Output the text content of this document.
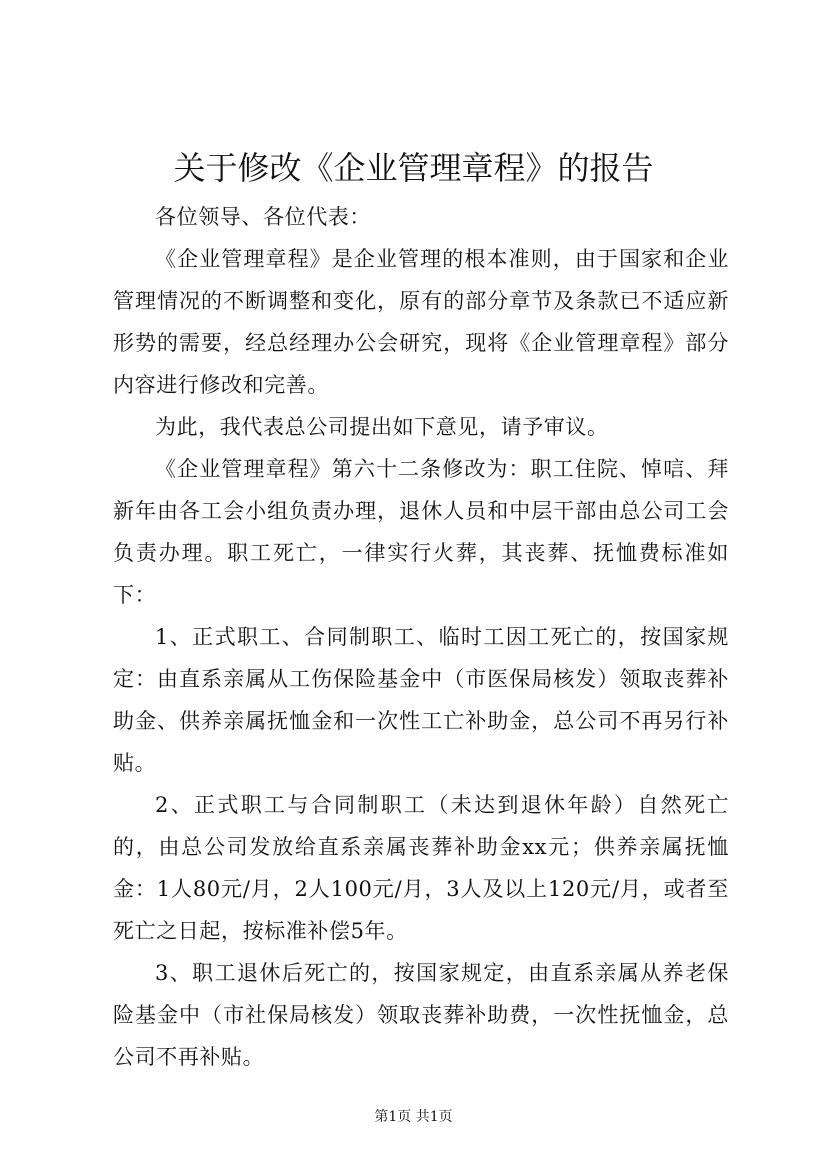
关于修改《企业管理章程》的报告

各位领导、各位代表：

《企业管理章程》是企业管理的根本准则，由于国家和企业管理情况的不断调整和变化，原有的部分章节及条款已不适应新形势的需要，经总经理办公会研究，现将《企业管理章程》部分内容进行修改和完善。

为此，我代表总公司提出如下意见，请予审议。

《企业管理章程》第六十二条修改为：职工住院、悼唁、拜新年由各工会小组负责办理，退休人员和中层干部由总公司工会负责办理。职工死亡，一律实行火葬，其丧葬、抚恤费标准如下：

1、正式职工、合同制职工、临时工因工死亡的，按国家规定：由直系亲属从工伤保险基金中（市医保局核发）领取丧葬补助金、供养亲属抚恤金和一次性工亡补助金，总公司不再另行补贴。

2、正式职工与合同制职工（未达到退休年龄）自然死亡的，由总公司发放给直系亲属丧葬补助金xx元；供养亲属抚恤金：1人80元/月，2人100元/月，3人及以上120元/月，或者至死亡之日起，按标准补偿5年。

3、职工退休后死亡的，按国家规定，由直系亲属从养老保险基金中（市社保局核发）领取丧葬补助费，一次性抚恤金，总公司不再补贴。

第1页 共1页
